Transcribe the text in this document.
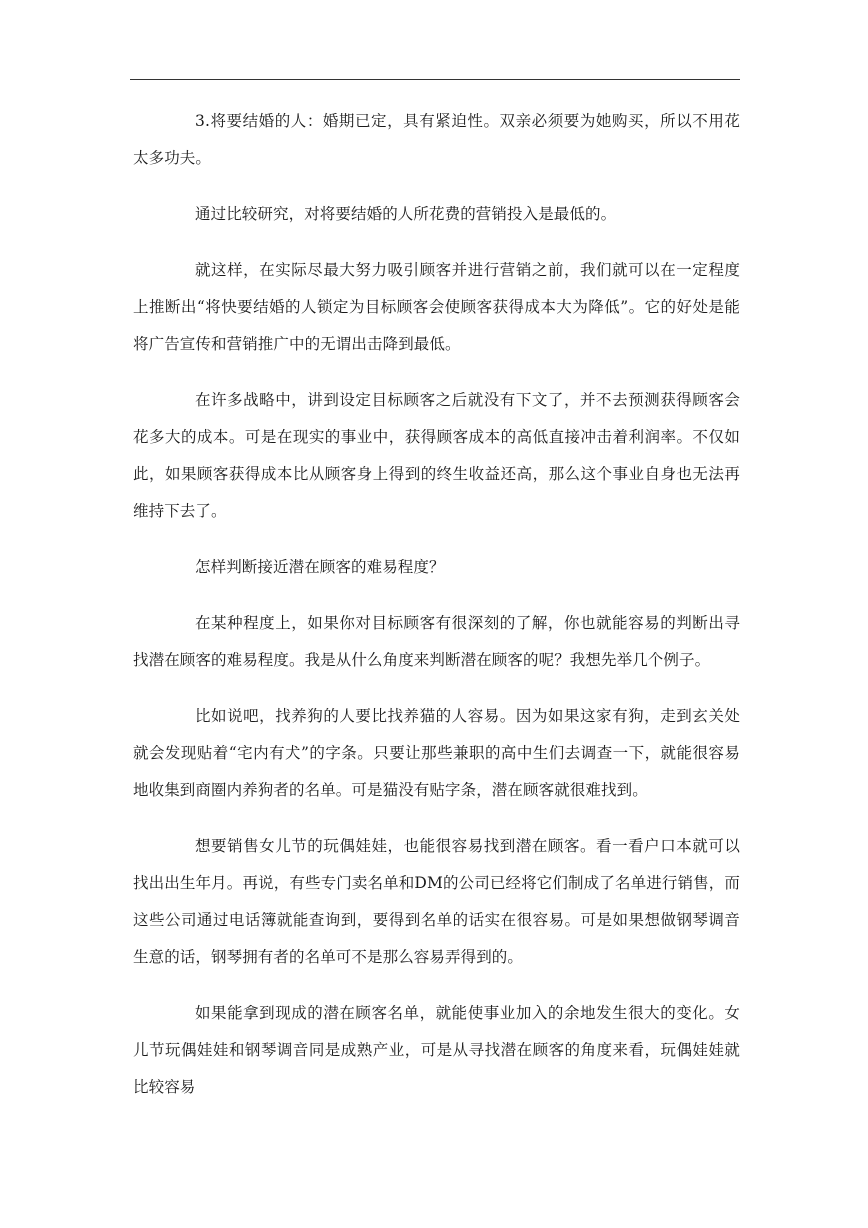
3.将要结婚的人：婚期已定，具有紧迫性。双亲必须要为她购买，所以不用花太多功夫。

通过比较研究，对将要结婚的人所花费的营销投入是最低的。

就这样，在实际尽最大努力吸引顾客并进行营销之前，我们就可以在一定程度上推断出“将快要结婚的人锁定为目标顾客会使顾客获得成本大为降低”。它的好处是能将广告宣传和营销推广中的无谓出击降到最低。

在许多战略中，讲到设定目标顾客之后就没有下文了，并不去预测获得顾客会花多大的成本。可是在现实的事业中，获得顾客成本的高低直接冲击着利润率。不仅如此，如果顾客获得成本比从顾客身上得到的终生收益还高，那么这个事业自身也无法再维持下去了。

怎样判断接近潜在顾客的难易程度？

在某种程度上，如果你对目标顾客有很深刻的了解，你也就能容易的判断出寻找潜在顾客的难易程度。我是从什么角度来判断潜在顾客的呢？我想先举几个例子。

比如说吧，找养狗的人要比找养猫的人容易。因为如果这家有狗，走到玄关处就会发现贴着“宅内有犬”的字条。只要让那些兼职的高中生们去调查一下，就能很容易地收集到商圈内养狗者的名单。可是猫没有贴字条，潜在顾客就很难找到。

想要销售女儿节的玩偶娃娃，也能很容易找到潜在顾客。看一看户口本就可以找出出生年月。再说，有些专门卖名单和DM的公司已经将它们制成了名单进行销售，而这些公司通过电话簿就能查询到，要得到名单的话实在很容易。可是如果想做钢琴调音生意的话，钢琴拥有者的名单可不是那么容易弄得到的。

如果能拿到现成的潜在顾客名单，就能使事业加入的余地发生很大的变化。女儿节玩偶娃娃和钢琴调音同是成熟产业，可是从寻找潜在顾客的角度来看，玩偶娃娃就比较容易
